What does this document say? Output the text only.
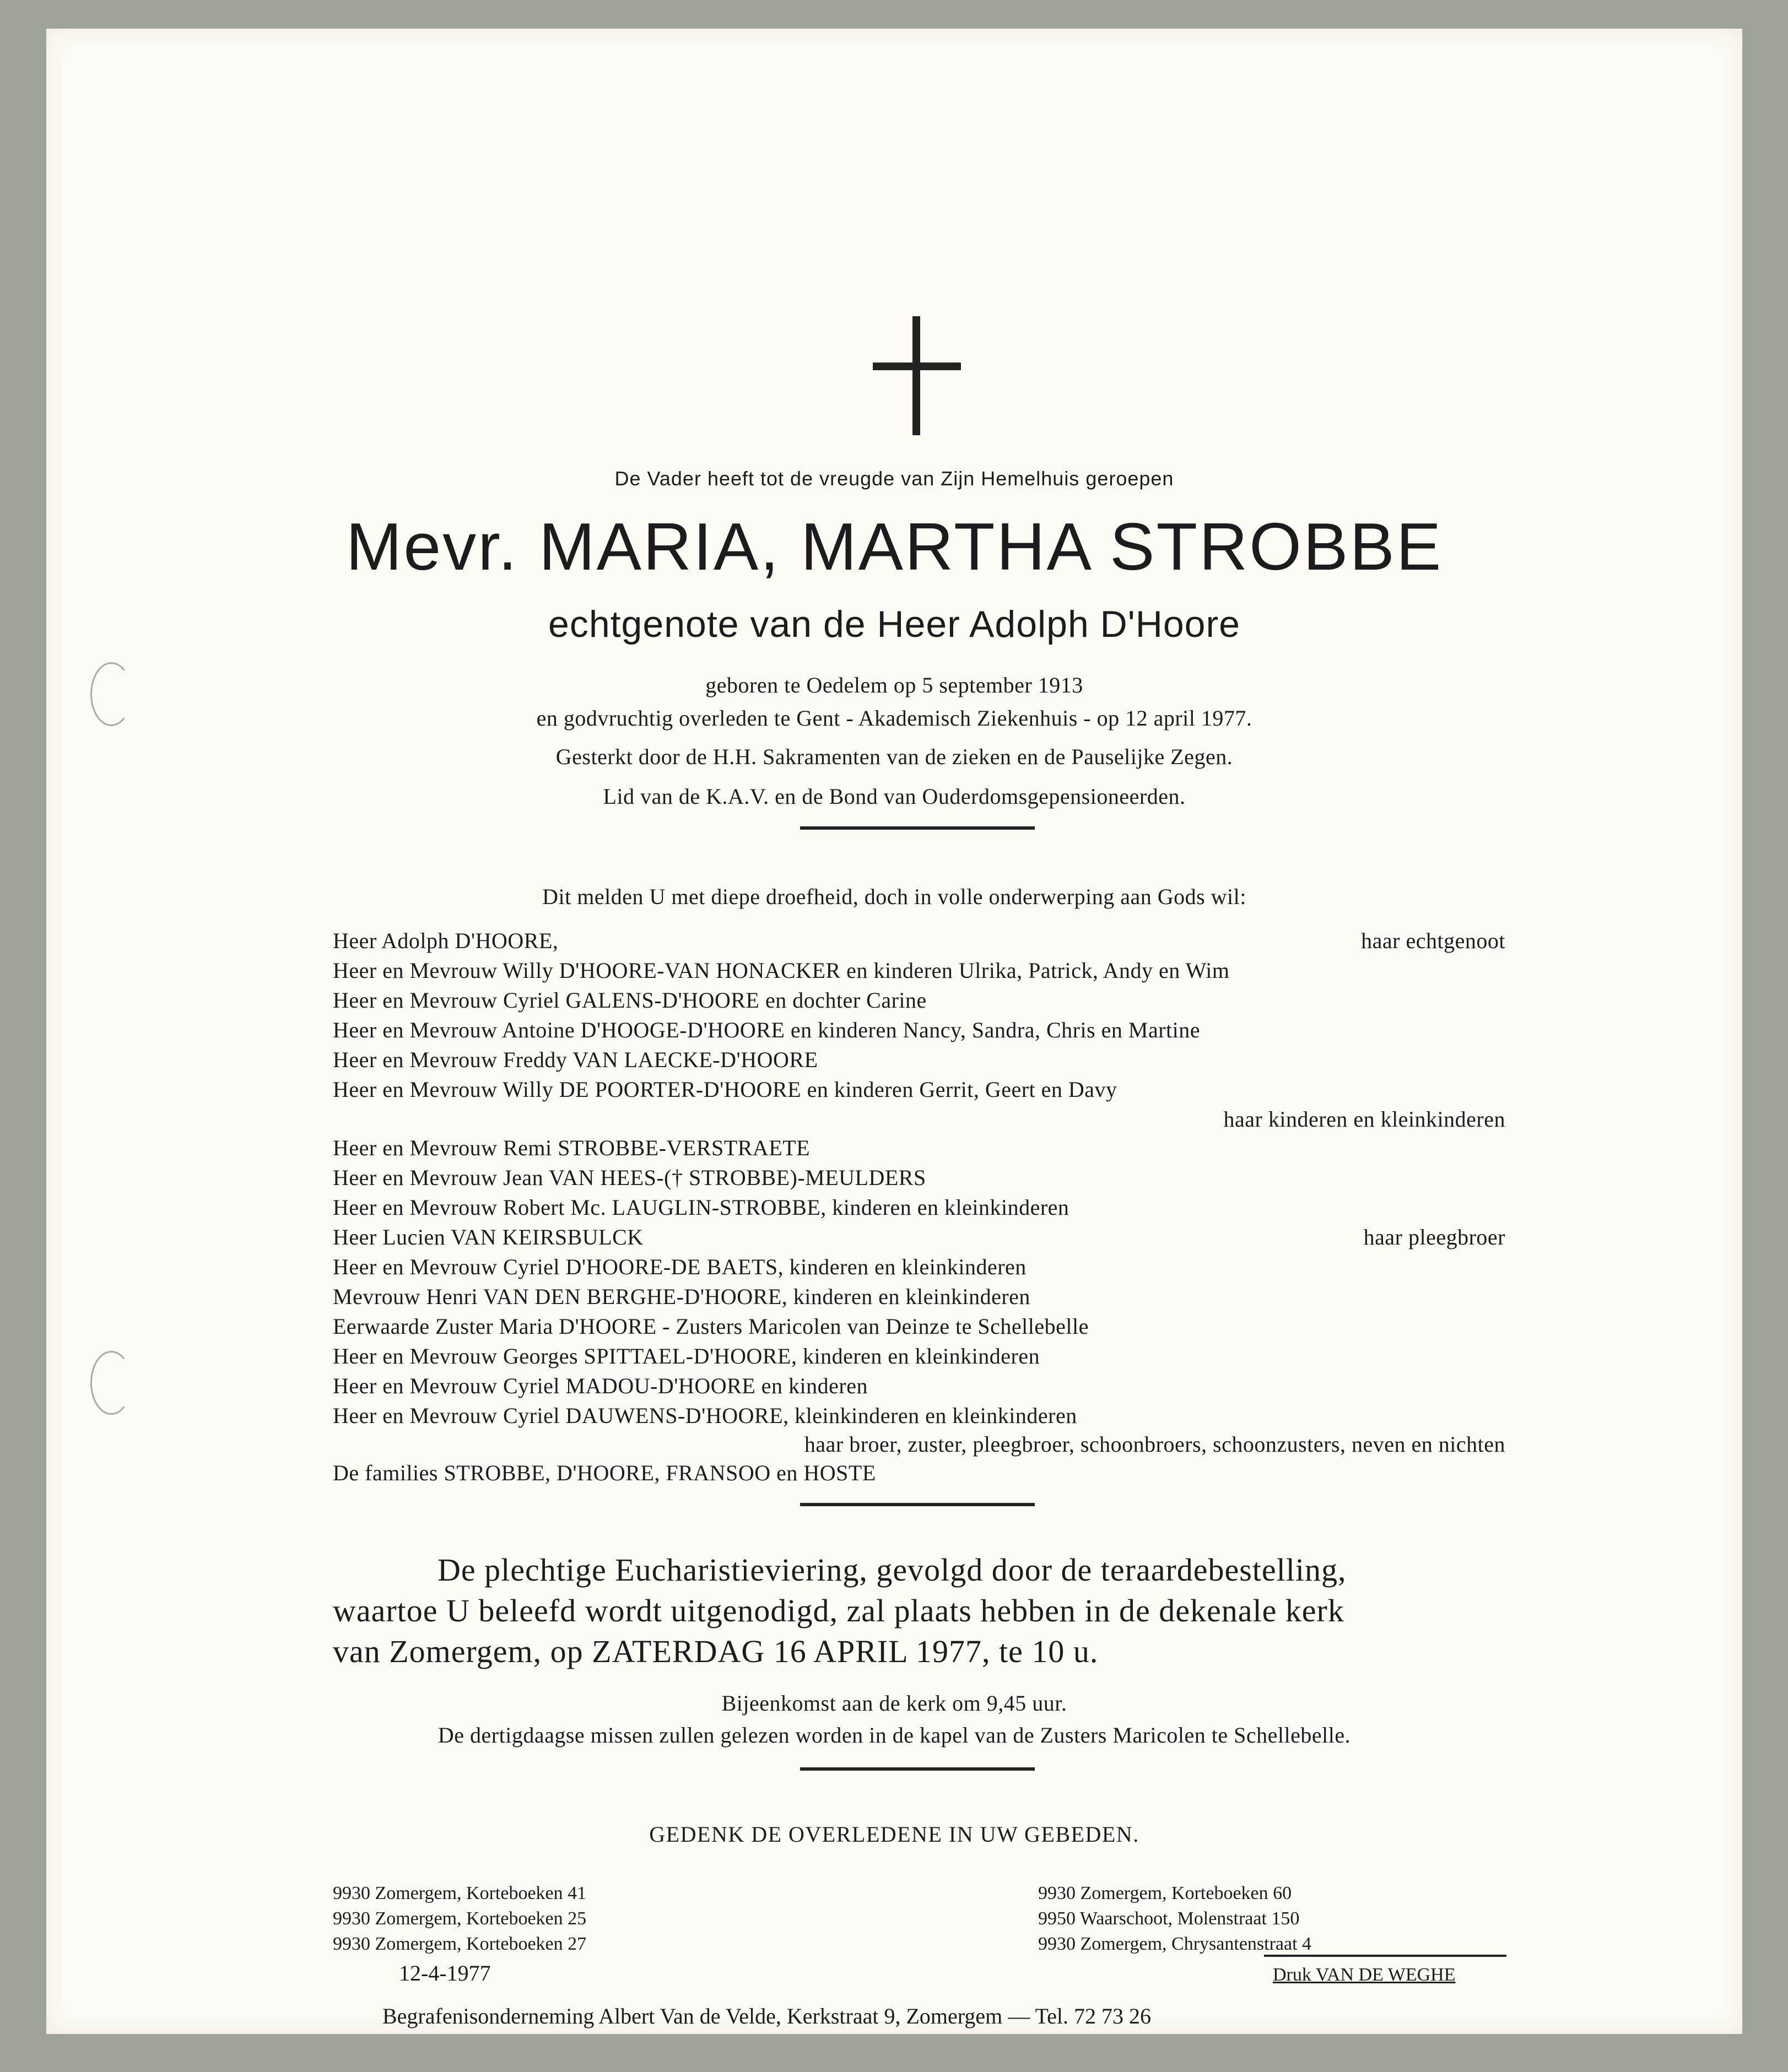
De Vader heeft tot de vreugde van Zijn Hemelhuis geroepen
Mevr. MARIA, MARTHA STROBBE
echtgenote van de Heer Adolph D'Hoore
geboren te Oedelem op 5 september 1913
en godvruchtig overleden te Gent - Akademisch Ziekenhuis - op 12 april 1977.
Gesterkt door de H.H. Sakramenten van de zieken en de Pauselijke Zegen.
Lid van de K.A.V. en de Bond van Ouderdomsgepensioneerden.
Dit melden U met diepe droefheid, doch in volle onderwerping aan Gods wil:
Heer Adolph D'HOORE,	haar echtgenoot
Heer en Mevrouw Willy D'HOORE-VAN HONACKER en kinderen Ulrika, Patrick, Andy en Wim
Heer en Mevrouw Cyriel GALENS-D'HOORE en dochter Carine
Heer en Mevrouw Antoine D'HOOGE-D'HOORE en kinderen Nancy, Sandra, Chris en Martine
Heer en Mevrouw Freddy VAN LAECKE-D'HOORE
Heer en Mevrouw Willy DE POORTER-D'HOORE en kinderen Gerrit, Geert en Davy
haar kinderen en kleinkinderen
Heer en Mevrouw Remi STROBBE-VERSTRAETE
Heer en Mevrouw Jean VAN HEES-(† STROBBE)-MEULDERS
Heer en Mevrouw Robert Mc. LAUGLIN-STROBBE, kinderen en kleinkinderen
Heer Lucien VAN KEIRSBULCK	haar pleegbroer
Heer en Mevrouw Cyriel D'HOORE-DE BAETS, kinderen en kleinkinderen
Mevrouw Henri VAN DEN BERGHE-D'HOORE, kinderen en kleinkinderen
Eerwaarde Zuster Maria D'HOORE - Zusters Maricolen van Deinze te Schellebelle
Heer en Mevrouw Georges SPITTAEL-D'HOORE, kinderen en kleinkinderen
Heer en Mevrouw Cyriel MADOU-D'HOORE en kinderen
Heer en Mevrouw Cyriel DAUWENS-D'HOORE, kleinkinderen en kleinkinderen
haar broer, zuster, pleegbroer, schoonbroers, schoonzusters, neven en nichten
De families STROBBE, D'HOORE, FRANSOO en HOSTE
De plechtige Eucharistieviering, gevolgd door de teraardebestelling,
waartoe U beleefd wordt uitgenodigd, zal plaats hebben in de dekenale kerk
van Zomergem, op ZATERDAG 16 APRIL 1977, te 10 u.
Bijeenkomst aan de kerk om 9,45 uur.
De dertigdaagse missen zullen gelezen worden in de kapel van de Zusters Maricolen te Schellebelle.
GEDENK DE OVERLEDENE IN UW GEBEDEN.
9930 Zomergem, Korteboeken 41
9930 Zomergem, Korteboeken 25
9930 Zomergem, Korteboeken 27
9930 Zomergem, Korteboeken 60
9950 Waarschoot, Molenstraat 150
9930 Zomergem, Chrysantenstraat 4
12-4-1977	Druk VAN DE WEGHE
Begrafenisonderneming Albert Van de Velde, Kerkstraat 9, Zomergem — Tel. 72 73 26
